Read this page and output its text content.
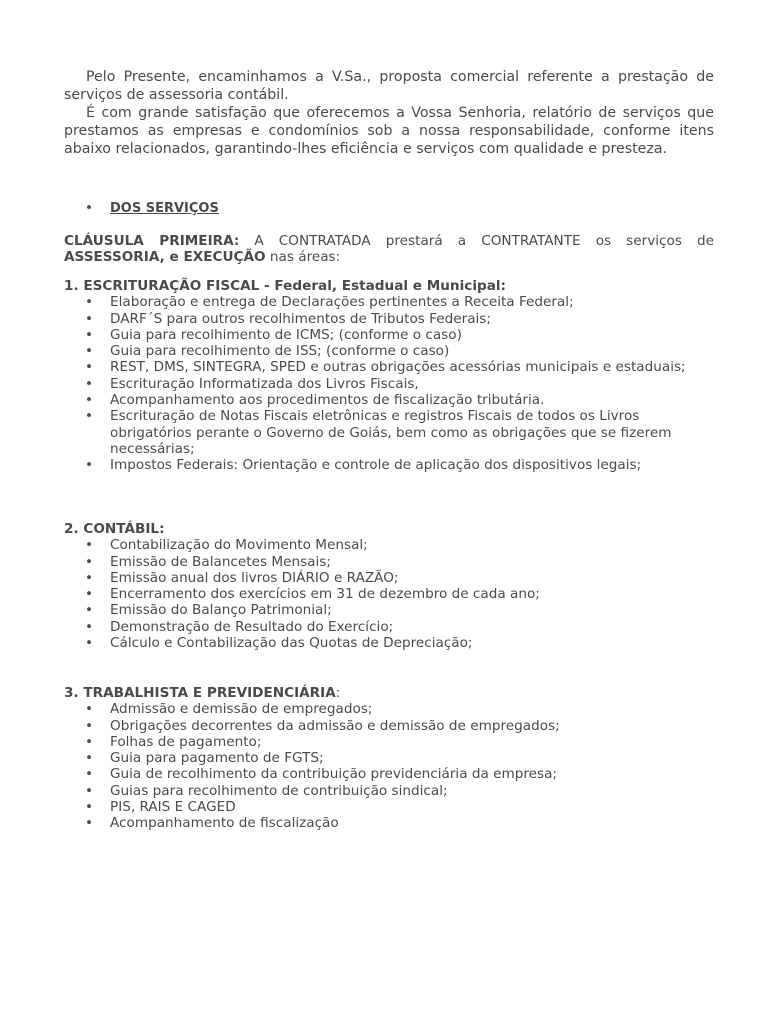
Pelo Presente, encaminhamos a V.Sa., proposta comercial referente a prestação de serviços de assessoria contábil.

É com grande satisfação que oferecemos a Vossa Senhoria, relatório de serviços que prestamos as empresas e condomínios sob a nossa responsabilidade, conforme itens abaixo relacionados, garantindo-lhes eficiência e serviços com qualidade e presteza.

• DOS SERVIÇOS
CLÁUSULA PRIMEIRA: A CONTRATADA prestará a CONTRATANTE os serviços de ASSESSORIA, e EXECUÇÃO nas áreas:
1. ESCRITURAÇÃO FISCAL - Federal, Estadual e Municipal:
• Elaboração e entrega de Declarações pertinentes a Receita Federal;
• DARF´S para outros recolhimentos de Tributos Federais;
• Guia para recolhimento de ICMS; (conforme o caso)
• Guia para recolhimento de ISS; (conforme o caso)
• REST, DMS, SINTEGRA, SPED e outras obrigações acessórias municipais e estaduais;
• Escrituração Informatizada dos Livros Fiscais,
• Acompanhamento aos procedimentos de fiscalização tributária.
• Escrituração de Notas Fiscais eletrônicas e registros Fiscais de todos os Livros obrigatórios perante o Governo de Goiás, bem como as obrigações que se fizerem necessárias;
• Impostos Federais: Orientação e controle de aplicação dos dispositivos legais;
2. CONTÁBIL:
• Contabilização do Movimento Mensal;
• Emissão de Balancetes Mensais;
• Emissão anual dos livros DIÁRIO e RAZÃO;
• Encerramento dos exercícios em 31 de dezembro de cada ano;
• Emissão do Balanço Patrimonial;
• Demonstração de Resultado do Exercício;
• Cálculo e Contabilização das Quotas de Depreciação;
3. TRABALHISTA E PREVIDENCIÁRIA:
• Admissão e demissão de empregados;
• Obrigações decorrentes da admissão e demissão de empregados;
• Folhas de pagamento;
• Guia para pagamento de FGTS;
• Guia de recolhimento da contribuição previdenciária da empresa;
• Guias para recolhimento de contribuição sindical;
• PIS, RAIS E CAGED
• Acompanhamento de fiscalização
